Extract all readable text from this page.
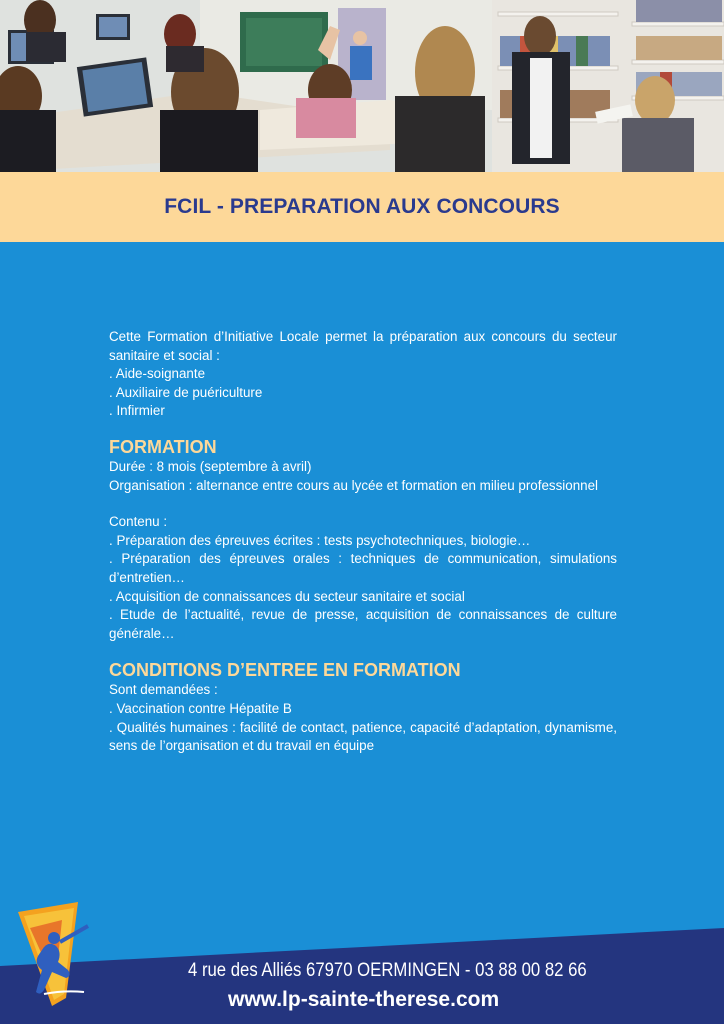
FCIL - PREPARATION AUX CONCOURS

Cette Formation d’Initiative Locale permet la préparation aux concours du secteur sanitaire et social :

. Aide-soignante

. Auxiliaire de puériculture

. Infirmier

FORMATION

Durée : 8 mois (septembre à avril)

Organisation : alternance entre cours au lycée et formation en milieu professionnel

Contenu :

. Préparation des épreuves écrites : tests psychotechniques, biologie…

. Préparation des épreuves orales : techniques de communication, simulations d’entretien…

. Acquisition de connaissances du secteur sanitaire et social

. Etude de l’actualité, revue de presse, acquisition de connaissances de culture générale…

CONDITIONS D’ENTREE EN FORMATION

Sont demandées :

. Vaccination contre Hépatite B

. Qualités humaines : facilité de contact, patience, capacité d’adaptation, dynamisme, sens de l’organisation et du travail en équipe

4 rue des Alliés 67970 OERMINGEN - 03 88 00 82 66
www.lp-sainte-therese.com
